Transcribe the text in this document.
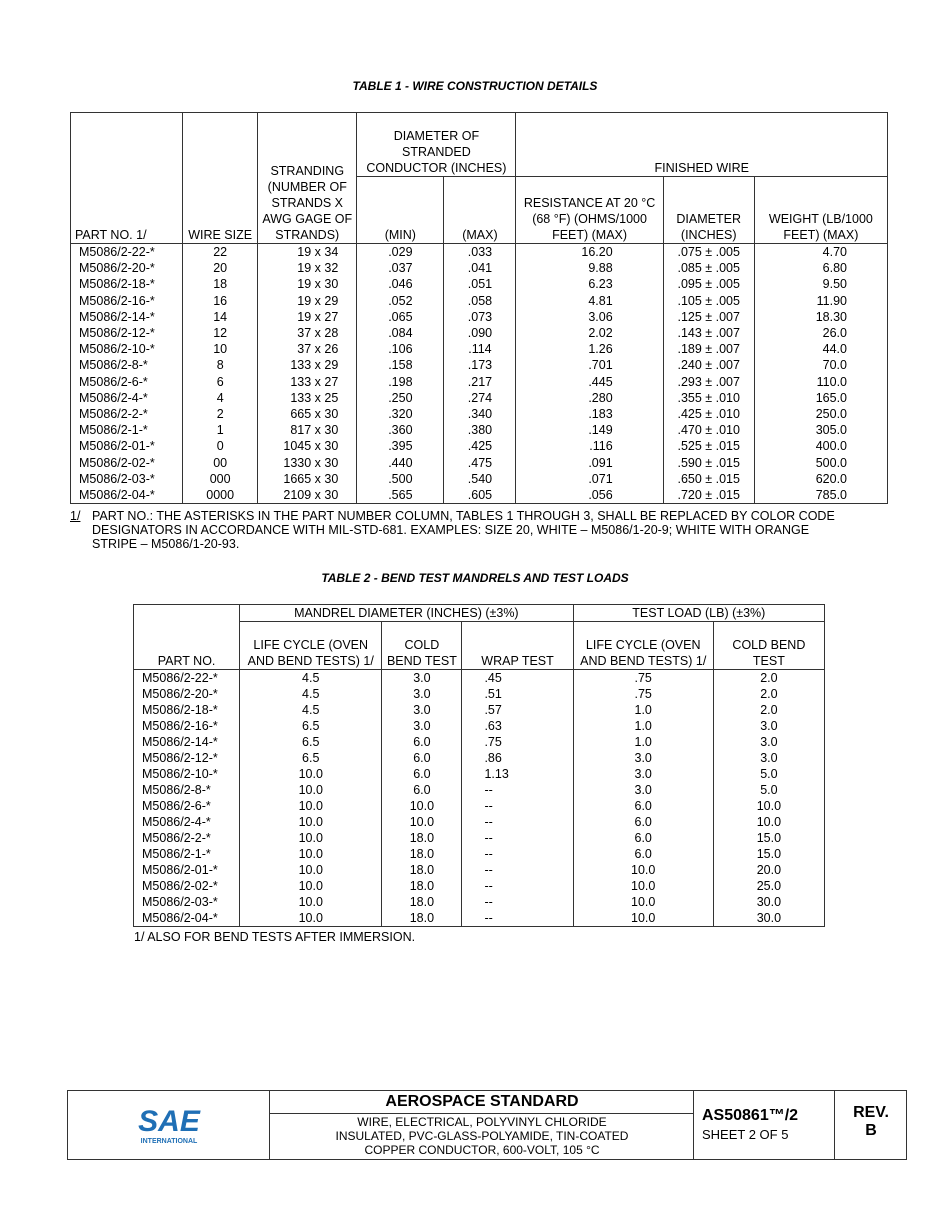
TABLE 1 - WIRE CONSTRUCTION DETAILS
PART NO. 1/	WIRE SIZE	STRANDING (NUMBER OF STRANDS X AWG GAGE OF STRANDS)	DIAMETER OF STRANDED CONDUCTOR (INCHES)		FINISHED WIRE		
			(MIN)	(MAX)	RESISTANCE AT 20 °C (68 °F) (OHMS/1000 FEET) (MAX)	DIAMETER (INCHES)	WEIGHT (LB/1000 FEET) (MAX)
M5086/2-22-*	22	19 x 34	.029	.033	16.20	.075 ± .005	4.70
M5086/2-20-*	20	19 x 32	.037	.041	9.88	.085 ± .005	6.80
M5086/2-18-*	18	19 x 30	.046	.051	6.23	.095 ± .005	9.50
M5086/2-16-*	16	19 x 29	.052	.058	4.81	.105 ± .005	11.90
M5086/2-14-*	14	19 x 27	.065	.073	3.06	.125 ± .007	18.30
M5086/2-12-*	12	37 x 28	.084	.090	2.02	.143 ± .007	26.0
M5086/2-10-*	10	37 x 26	.106	.114	1.26	.189 ± .007	44.0
M5086/2-8-*	8	133 x 29	.158	.173	.701	.240 ± .007	70.0
M5086/2-6-*	6	133 x 27	.198	.217	.445	.293 ± .007	110.0
M5086/2-4-*	4	133 x 25	.250	.274	.280	.355 ± .010	165.0
M5086/2-2-*	2	665 x 30	.320	.340	.183	.425 ± .010	250.0
M5086/2-1-*	1	817 x 30	.360	.380	.149	.470 ± .010	305.0
M5086/2-01-*	0	1045 x 30	.395	.425	.116	.525 ± .015	400.0
M5086/2-02-*	00	1330 x 30	.440	.475	.091	.590 ± .015	500.0
M5086/2-03-*	000	1665 x 30	.500	.540	.071	.650 ± .015	620.0
M5086/2-04-*	0000	2109 x 30	.565	.605	.056	.720 ± .015	785.0
1/ PART NO.: THE ASTERISKS IN THE PART NUMBER COLUMN, TABLES 1 THROUGH 3, SHALL BE REPLACED BY COLOR CODE DESIGNATORS IN ACCORDANCE WITH MIL-STD-681. EXAMPLES: SIZE 20, WHITE – M5086/1-20-9; WHITE WITH ORANGE STRIPE – M5086/1-20-93.
TABLE 2 - BEND TEST MANDRELS AND TEST LOADS
PART NO.	MANDREL DIAMETER (INCHES) (±3%)			TEST LOAD (LB) (±3%)	
	LIFE CYCLE (OVEN AND BEND TESTS) 1/	COLD BEND TEST	WRAP TEST	LIFE CYCLE (OVEN AND BEND TESTS) 1/	COLD BEND TEST
M5086/2-22-*	4.5	3.0	.45	.75	2.0
M5086/2-20-*	4.5	3.0	.51	.75	2.0
M5086/2-18-*	4.5	3.0	.57	1.0	2.0
M5086/2-16-*	6.5	3.0	.63	1.0	3.0
M5086/2-14-*	6.5	6.0	.75	1.0	3.0
M5086/2-12-*	6.5	6.0	.86	3.0	3.0
M5086/2-10-*	10.0	6.0	1.13	3.0	5.0
M5086/2-8-*	10.0	6.0	--	3.0	5.0
M5086/2-6-*	10.0	10.0	--	6.0	10.0
M5086/2-4-*	10.0	10.0	--	6.0	10.0
M5086/2-2-*	10.0	18.0	--	6.0	15.0
M5086/2-1-*	10.0	18.0	--	6.0	15.0
M5086/2-01-*	10.0	18.0	--	10.0	20.0
M5086/2-02-*	10.0	18.0	--	10.0	25.0
M5086/2-03-*	10.0	18.0	--	10.0	30.0
M5086/2-04-*	10.0	18.0	--	10.0	30.0
1/ ALSO FOR BEND TESTS AFTER IMMERSION.
SAE
INTERNATIONAL
AEROSPACE STANDARD
WIRE, ELECTRICAL, POLYVINYL CHLORIDE
INSULATED, PVC-GLASS-POLYAMIDE, TIN-COATED
COPPER CONDUCTOR, 600-VOLT, 105 °C
AS50861™/2
SHEET 2 OF 5
REV.
B
